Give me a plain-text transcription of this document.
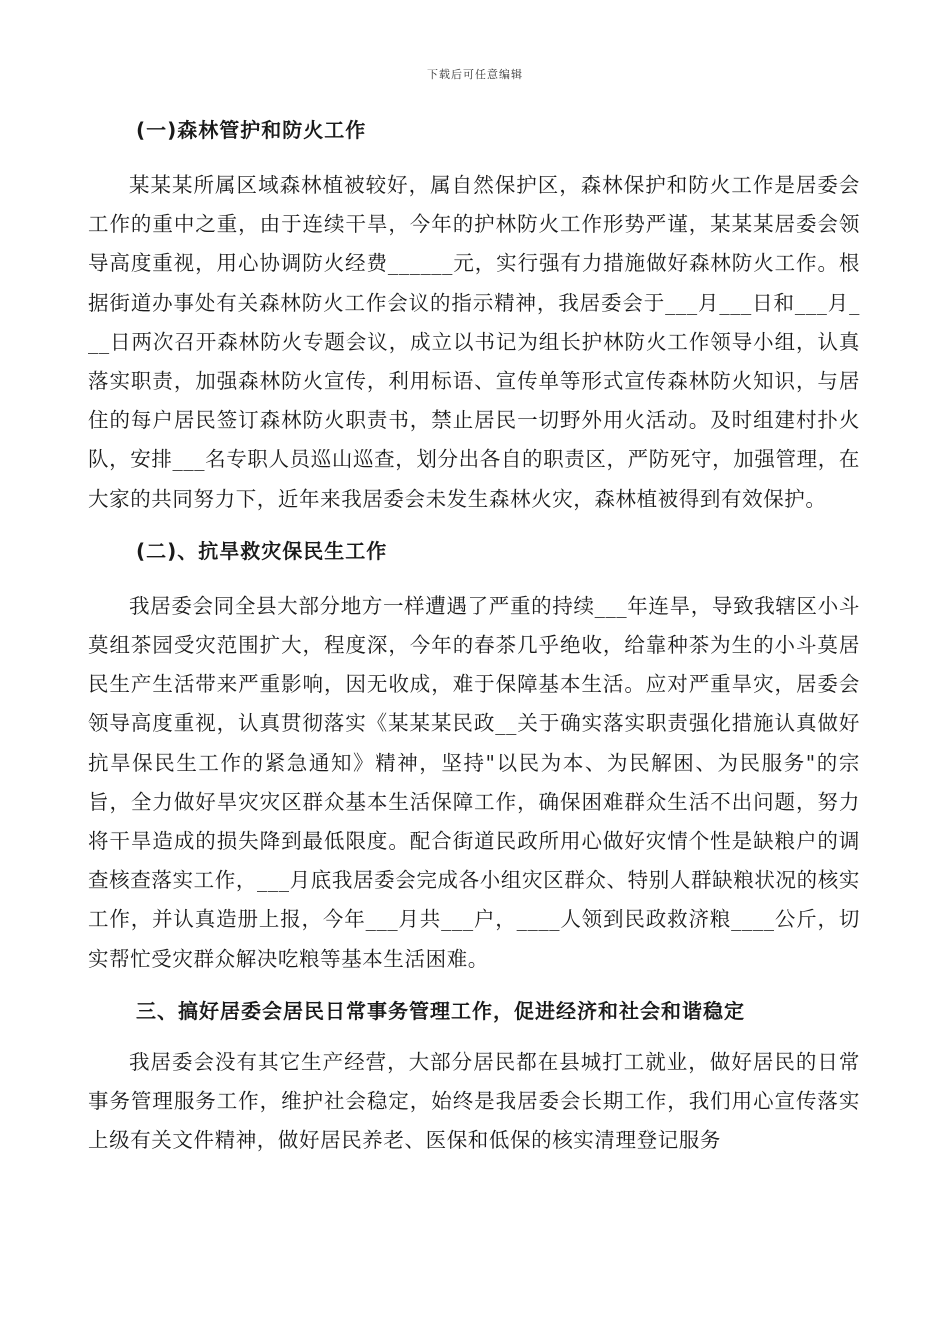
下载后可任意编辑
(一)森林管护和防火工作

某某某所属区域森林植被较好，属自然保护区，森林保护和防火工作是居委会工作的重中之重，由于连续干旱，今年的护林防火工作形势严谨，某某某居委会领导高度重视，用心协调防火经费______元，实行强有力措施做好森林防火工作。根据街道办事处有关森林防火工作会议的指示精神，我居委会于___月___日和___月___日两次召开森林防火专题会议，成立以书记为组长护林防火工作领导小组，认真落实职责，加强森林防火宣传，利用标语、宣传单等形式宣传森林防火知识，与居住的每户居民签订森林防火职责书，禁止居民一切野外用火活动。及时组建村扑火队，安排___名专职人员巡山巡查，划分出各自的职责区，严防死守，加强管理，在大家的共同努力下，近年来我居委会未发生森林火灾，森林植被得到有效保护。

(二)、抗旱救灾保民生工作

我居委会同全县大部分地方一样遭遇了严重的持续___年连旱，导致我辖区小斗莫组茶园受灾范围扩大，程度深，今年的春茶几乎绝收，给靠种茶为生的小斗莫居民生产生活带来严重影响，因无收成，难于保障基本生活。应对严重旱灾，居委会领导高度重视，认真贯彻落实《某某某民政__关于确实落实职责强化措施认真做好抗旱保民生工作的紧急通知》精神，坚持"以民为本、为民解困、为民服务"的宗旨，全力做好旱灾灾区群众基本生活保障工作，确保困难群众生活不出问题，努力将干旱造成的损失降到最低限度。配合街道民政所用心做好灾情个性是缺粮户的调查核查落实工作，___月底我居委会完成各小组灾区群众、特别人群缺粮状况的核实工作，并认真造册上报，今年___月共___户，____人领到民政救济粮____公斤，切实帮忙受灾群众解决吃粮等基本生活困难。

三、搞好居委会居民日常事务管理工作，促进经济和社会和谐稳定

我居委会没有其它生产经营，大部分居民都在县城打工就业，做好居民的日常事务管理服务工作，维护社会稳定，始终是我居委会长期工作，我们用心宣传落实上级有关文件精神，做好居民养老、医保和低保的核实清理登记服务
